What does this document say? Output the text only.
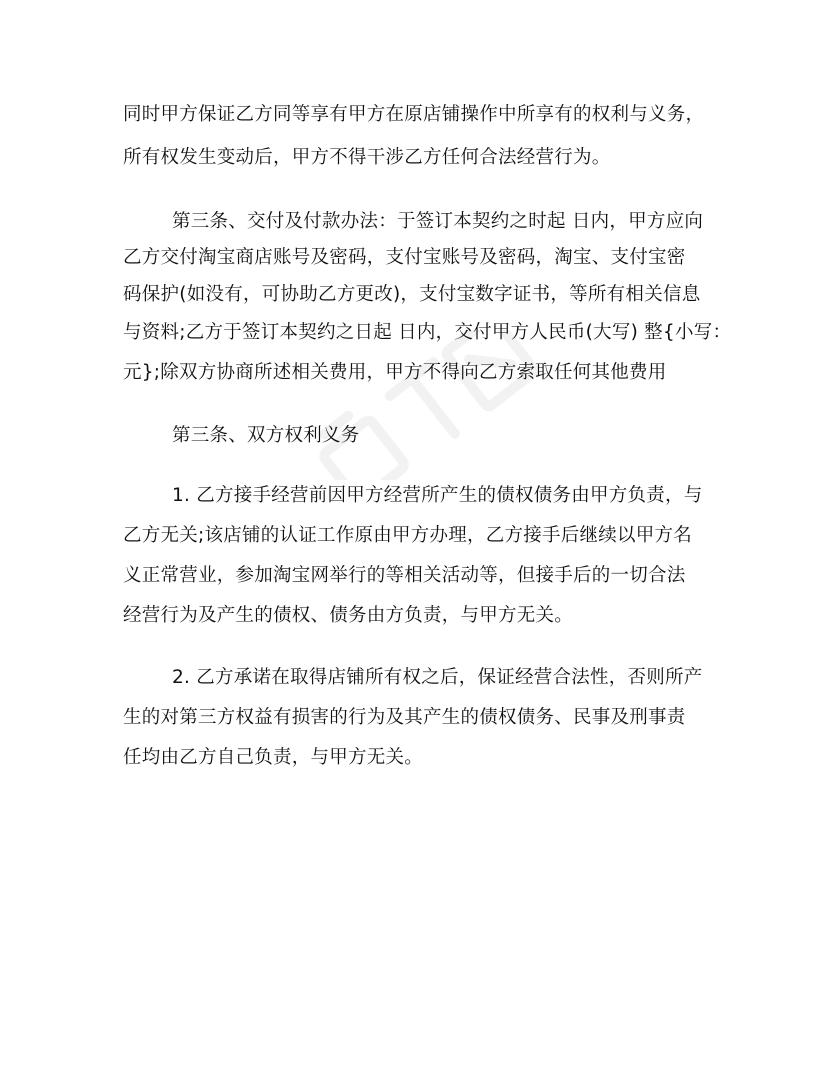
同时甲方保证乙方同等享有甲方在原店铺操作中所享有的权利与义务，
所有权发生变动后，甲方不得干涉乙方任何合法经营行为。
第三条、交付及付款办法：于签订本契约之时起 日内，甲方应向
乙方交付淘宝商店账号及密码，支付宝账号及密码，淘宝、支付宝密
码保护(如没有，可协助乙方更改)，支付宝数字证书，等所有相关信息
与资料;乙方于签订本契约之日起 日内，交付甲方人民币(大写) 整{小写：
元};除双方协商所述相关费用，甲方不得向乙方索取任何其他费用
第三条、双方权利义务
1. 乙方接手经营前因甲方经营所产生的债权债务由甲方负责，与
乙方无关;该店铺的认证工作原由甲方办理，乙方接手后继续以甲方名
义正常营业，参加淘宝网举行的等相关活动等，但接手后的一切合法
经营行为及产生的债权、债务由方负责，与甲方无关。
2. 乙方承诺在取得店铺所有权之后，保证经营合法性，否则所产
生的对第三方权益有损害的行为及其产生的债权债务、民事及刑事责
任均由乙方自己负责，与甲方无关。
